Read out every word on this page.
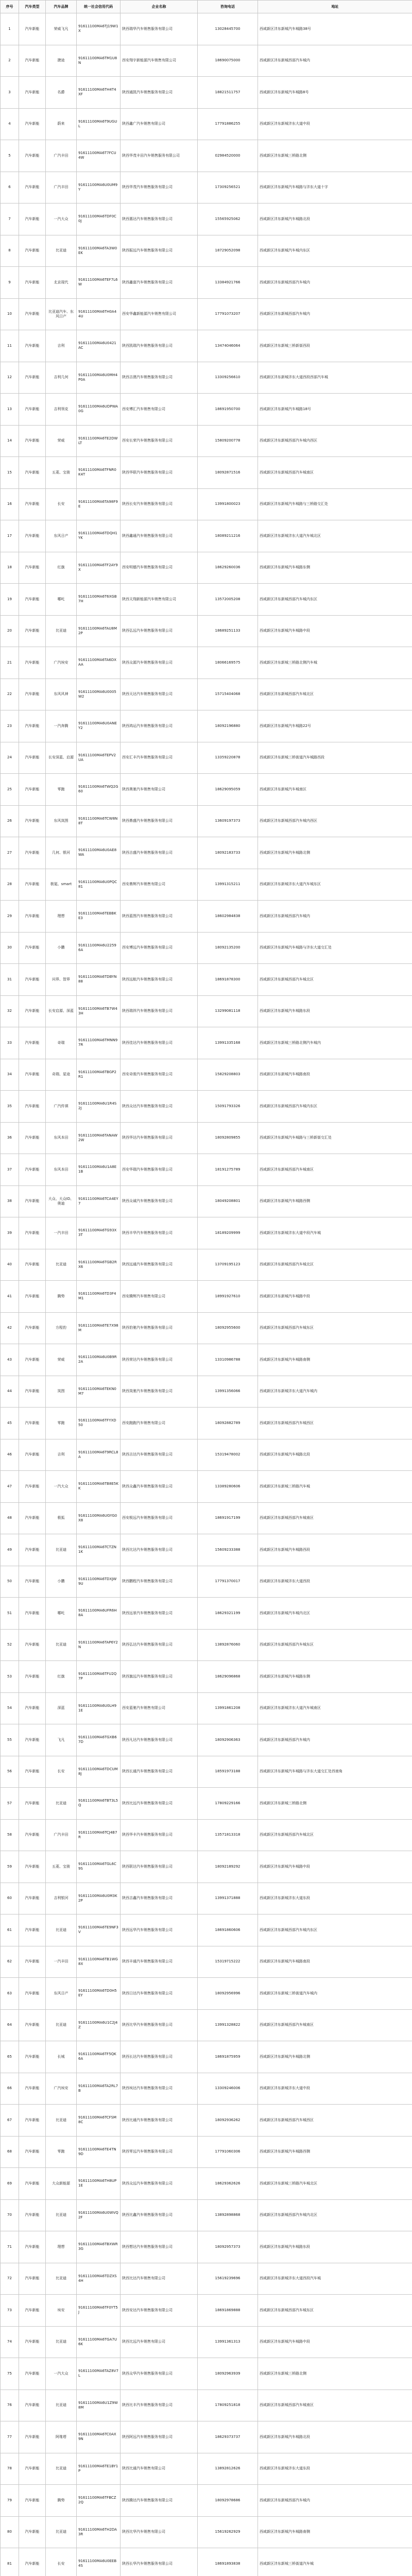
序号	汽车类型	汽车品牌	统一社会信用代码	企业名称	咨询电话	地址
1	汽车新能	荣威飞凡	91611100MA6TJ19W1X	陕西瑞华汽车销售服务有限公司	13028445700	西咸新区沣东新城汽车城路38号
2	汽车新能	捷途	91611100MA6TM1U8N	西安翔宇新能源汽车销售有限公司	18690075000	西咸新区沣东新城西部汽车城内
3	汽车新能	名爵	91611100MA6TH4T4XF	陕西通凯汽车销售服务有限公司	18821511757	西咸新区沣东新城汽车城路8号
4	汽车新能	蔚来	91611100MA6T9UGUL	陕西鑫广汽车销售有限公司	17791886255	西咸新区沣东新城沣东大道中段
5	汽车新能	广汽丰田	91611100MA6T7FCU4W	陕西华茂丰田汽车销售服务有限公司	02984520000	西咸新区沣东新城三桥路北侧
6	汽车新能	广汽丰田	91611100MA6U0UM9Y	陕西华茂汽车销售服务有限公司	17309256521	西咸新区沣东新城汽车城路与沣东大道十字
7	汽车新能	一汽大众	91611100MA6TDF0C0J	陕西惠达汽车销售服务有限公司	15565925062	西咸新区沣东新城汽车城路北段
8	汽车新能	比亚迪	91611100MA6TA3W0EK	陕西振远汽车销售服务有限公司	18729052098	西咸新区沣东新城汽车城内东区
9	汽车新能	北京现代	91611100MA6TEF7L6W	陕西鑫富汽车销售服务有限公司	13384921766	西咸新区沣东新城西部汽车城内
10	汽车新能	比亚迪汽车、东风日产	91611100MA6TH0A44U	西安华鑫新能源汽车销售有限公司	17791073207	西咸新区沣东新城西部汽车城内
11	汽车新能	吉利	91611100MA6U0421AC	陕西凯瑞汽车销售服务有限公司	13474046064	西咸新区沣东新城三桥新街西段
12	汽车新能	吉利几何	91611100MA6U0MH4P0A	陕西吉澳汽车销售服务有限公司	13309256610	西咸新区沣东新城沣东大道西段西部汽车城
13	汽车新能	吉利领克	91611100MA6UDPWA0G	西安博汇汽车销售有限公司	18691950700	西咸新区沣东新城汽车城路18号
14	汽车新能	荣威	91611100MA6TE2DWLT	西安长荣汽车销售服务有限公司	15809200778	西咸新区沣东新城西部汽车城内西区
15	汽车新能	五菱、宝骏	91611100MA6TFNR0K4T	陕西华联汽车销售服务有限公司	18092871516	西咸新区沣东新城西部汽车城南区
16	汽车新能	长安	91611100MA6TA98F9E	陕西长安汽车销售服务有限公司	13991800023	西咸新区沣东新城汽车城路与三桥路交汇处
17	汽车新能	东风日产	91611100MA6TDQH1YK	陕西鑫通汽车销售服务有限公司	18089211216	西咸新区沣东新城沣东大道汽车城北区
18	汽车新能	红旗	91611100MA6TF2AY9X	西安明德汽车销售服务有限公司	18629260036	西咸新区沣东新城汽车城路东侧
19	汽车新能	哪吒	91611100MA6T6XGB7H	陕西天翔新能源汽车销售有限公司	13572005208	西咸新区沣东新城西部汽车城内东区
20	汽车新能	比亚迪	91611100MA6TAU8M2P	陕西弘远汽车销售服务有限公司	18689251133	西咸新区沣东新城汽车城路中段
21	汽车新能	广汽埃安	91611100MA6TA6DXAA	陕西众源汽车销售服务有限公司	18066169575	西咸新区沣东新城三桥路北侧汽车城
22	汽车新能	东风风神	91611100MA6U0005W2	陕西天达汽车销售服务有限公司	15715404068	西咸新区沣东新城西部汽车城北区
23	汽车新能	一汽奔腾	91611100MA6U0ANEY2	陕西鸿运汽车销售服务有限公司	18092196880	西咸新区沣东新城汽车城路22号
24	汽车新能	长安深蓝、启源	91611100MA6TEPV2UA	西安汇丰汽车销售服务有限公司	13359220878	西咸新区沣东新城三桥街道汽车城路西段
25	汽车新能	零跑	91611100MA6TWQ2G60	陕西奥驰汽车销售有限公司	18629095059	西咸新区沣东新城汽车城南区
26	汽车新能	东风岚图	91611100MA6TCW8N8T	陕西鼎盛汽车销售服务有限公司	13609197373	西咸新区沣东新城西部汽车城内西区
27	汽车新能	几何、银河	91611100MA6U0AE8WA	陕西吉盛汽车销售服务有限公司	18092183733	西咸新区沣东新城汽车城路北侧
28	汽车新能	极氪、smart	91611100MA6U0PQC81	西安鼎辉汽车销售有限公司	13991315211	西咸新区沣东新城沣东大道汽车城东区
29	汽车新能	理想	91611100MA6TEBBKE3	陕西蓝图汽车销售服务有限公司	18602984838	西咸新区沣东新城西部汽车城内
30	汽车新能	小鹏	91611100MA6U22596A	西安博远汽车销售服务有限公司	18092135200	西咸新区沣东新城汽车城路与沣东大道交汇处
31	汽车新能	问界、智界	91611100MA6TDBYN88	陕西远航汽车销售服务有限公司	18691878300	西咸新区沣东新城西部汽车城北区
32	汽车新能	长安启源、深蓝	91611100MA6TB7W43H	陕西瑞祥汽车销售服务有限公司	13299081118	西咸新区沣东新城汽车城路东段
33	汽车新能	奇瑞	91611100MA6TMNN97R	陕西佳达汽车销售服务有限公司	13991335168	西咸新区沣东新城三桥路北侧汽车城内
34	汽车新能	奇瑞、星途	91611100MA6TBGP2R1	西安奇骏汽车销售服务有限公司	15829208803	西咸新区沣东新城汽车城路南段
35	汽车新能	广汽传祺	91611100MA6U1R4S2J	陕西众达汽车销售服务有限公司	15091793326	西咸新区沣东新城西部汽车城内东区
36	汽车新能	东风本田	91611100MA6TANAW2W	陕西华达汽车销售服务有限公司	18092809855	西咸新区沣东新城汽车城路与三桥新街交汇处
37	汽车新能	东风本田	91611100MA6U1A8E1B	西安华瑞汽车销售服务有限公司	18191275789	西咸新区沣东新城西部汽车城南区
38	汽车新能	大众、大众ID、奥迪	91611100MA6TCA4EY7	陕西众诚汽车销售服务有限公司	18049208801	西咸新区沣东新城汽车城路西侧
39	汽车新能	一汽丰田	91611100MA6TG93X3T	陕西丰华汽车销售服务有限公司	18189209999	西咸新区沣东新城沣东大道中段汽车城
40	汽车新能	比亚迪	91611100MA6TGB2RX6	陕西远通汽车销售服务有限公司	13709195123	西咸新区沣东新城西部汽车城北区
41	汽车新能	腾势	91611100MA6TD3F4M1	西安腾辉汽车销售有限公司	18991927610	西咸新区沣东新城汽车城路中段
42	汽车新能	方程豹	91611100MA6TE7X98M	陕西豹驰汽车销售服务有限公司	18092955600	西咸新区沣东新城西部汽车城东区
43	汽车新能	荣威	91611100MA6U0B9R2A	陕西荣达汽车销售服务有限公司	13310986788	西咸新区沣东新城汽车城路南侧
44	汽车新能	岚图	91611100MA6TEKN0M7	陕西岚驰汽车销售服务有限公司	13991356066	西咸新区沣东新城沣东大道汽车城内
45	汽车新能	零跑	91611100MA6TFYXD50	西安跑跑汽车销售有限公司	18092882789	西咸新区沣东新城西部汽车城西区
46	汽车新能	吉利	91611100MA6T9RCL8A	陕西吉达汽车销售服务有限公司	15319478002	西咸新区沣东新城汽车城路北段
47	汽车新能	一汽大众	91611100MA6TB8E5KK	陕西众鑫汽车销售服务有限公司	13389280606	西咸新区沣东新城三桥路汽车城
48	汽车新能	极狐	91611100MA6UGYG0X8	西安极远汽车销售服务有限公司	18691917199	西咸新区沣东新城西部汽车城南区
49	汽车新能	比亚迪	91611100MA6TCTZN1K	陕西比达汽车销售服务有限公司	15609233388	西咸新区沣东新城汽车城路西段
50	汽车新能	小鹏	91611100MA6TDXJW9U	陕西鹏程汽车销售服务有限公司	17791370017	西咸新区沣东新城沣东大道西段
51	汽车新能	哪吒	91611100MA6UFR6H8A	陕西远景汽车销售服务有限公司	18629321199	西咸新区沣东新城汽车城内北区
52	汽车新能	比亚迪	91611100MA6TAP6Y2N	陕西弘达汽车销售服务有限公司	13892876060	西咸新区沣东新城西部汽车城东区
53	汽车新能	红旗	91611100MA6TFU2Q7P	陕西旗远汽车销售服务有限公司	18629096868	西咸新区沣东新城汽车城路东侧
54	汽车新能	深蓝	91611100MA6U0LH91E	西安蓝驰汽车销售有限公司	13991861208	西咸新区沣东新城沣东大道汽车城南区
55	汽车新能	飞凡	91611100MA6TGXB67D	陕西凡达汽车销售服务有限公司	18092906363	西咸新区沣东新城西部汽车城内
56	汽车新能	长安	91611100MA6TDCUM8J	陕西长通汽车销售服务有限公司	18591973188	西咸新区沣东新城汽车城路与沣东大道交汇处西南角
57	汽车新能	比亚迪	91611100MA6TBT3L5Q	陕西比远汽车销售服务有限公司	17809229166	西咸新区沣东新城三桥路北侧
58	汽车新能	广汽丰田	91611100MA6TCJ4B7R	陕西华丰汽车销售服务有限公司	13571813318	西咸新区沣东新城西部汽车城北区
59	汽车新能	五菱、宝骏	91611100MA6TGL6C9S	陕西联达汽车销售服务有限公司	18092189292	西咸新区沣东新城汽车城路中段
60	汽车新能	吉利银河	91611100MA6U0M3K2P	陕西吉鑫汽车销售服务有限公司	13991371888	西咸新区沣东新城沣东大道东段
61	汽车新能	比亚迪	91611100MA6TE9NF3V	陕西远华汽车销售服务有限公司	18691860606	西咸新区沣东新城西部汽车城内东区
62	汽车新能	一汽丰田	91611100MA6TB1WG8X	陕西丰通汽车销售服务有限公司	15319715222	西咸新区沣东新城汽车城路南段
63	汽车新能	东风日产	91611100MA6TD0H5EY	陕西日达汽车销售服务有限公司	18092956996	西咸新区沣东新城三桥街道汽车城内
64	汽车新能	比亚迪	91611100MA6U1C2J4Z	陕西比华汽车销售服务有限公司	13991328822	西咸新区沣东新城西部汽车城南区
65	汽车新能	长城	91611100MA6TF5QK6A	陕西长达汽车销售服务有限公司	18691875959	西咸新区沣东新城汽车城路北侧
66	汽车新能	广汽埃安	91611100MA6TA2RL7B	陕西埃达汽车销售服务有限公司	13309246006	西咸新区沣东新城沣东大道中段
67	汽车新能	比亚迪	91611100MA6TCFSM8C	陕西比通汽车销售服务有限公司	18092936262	西咸新区沣东新城西部汽车城西区
68	汽车新能	零跑	91611100MA6TE4TN9D	陕西零远汽车销售服务有限公司	17791060306	西咸新区沣东新城汽车城路西侧
69	汽车新能	大众新能源	91611100MA6TH8UP1E	陕西众远汽车销售服务有限公司	18629362626	西咸新区沣东新城三桥路汽车城北区
70	汽车新能	比亚迪	91611100MA6U0WVQ2F	陕西比鑫汽车销售服务有限公司	13892898868	西咸新区沣东新城西部汽车城内北区
71	汽车新能	理想	91611100MA6TBXWR3G	陕西想达汽车销售服务有限公司	18092957373	西咸新区沣东新城汽车城路东段
72	汽车新能	比亚迪	91611100MA6TDZXS4H	陕西比达汽车销售有限公司	15619239696	西咸新区沣东新城沣东大道西段汽车城
73	汽车新能	埃安	91611100MA6TF0YT5J	陕西安达汽车销售服务有限公司	18691869888	西咸新区沣东新城西部汽车城东区
74	汽车新能	比亚迪	91611100MA6TGA7U6K	陕西比远汽车销售有限公司	13991361313	西咸新区沣东新城汽车城路中段
75	汽车新能	一汽大众	91611100MA6TAZ8V7L	陕西众华汽车销售服务有限公司	18092963939	西咸新区沣东新城三桥路北侧
76	汽车新能	比亚迪	91611100MA6U1Z9W8M	陕西比丰汽车销售服务有限公司	17809251818	西咸新区沣东新城西部汽车城南区
77	汽车新能	阿维塔	91611100MA6TC0AX9N	陕西阿远汽车销售服务有限公司	18629373737	西咸新区沣东新城汽车城路北段
78	汽车新能	比亚迪	91611100MA6TE1BY1P	陕西比通汽车销售有限公司	13892812626	西咸新区沣东新城沣东大道东段
79	汽车新能	腾势	91611100MA6TFBCZ2Q	陕西腾达汽车销售服务有限公司	18092978686	西咸新区沣东新城西部汽车城内
80	汽车新能	比亚迪	91611100MA6TH2DA3R	陕西比华汽车销售有限公司	15619262929	西咸新区沣东新城汽车城路南侧
81	汽车新能	长安	91611100MA6U0EEB4S	陕西长华汽车销售服务有限公司	18691893838	西咸新区沣东新城三桥街道汽车城
